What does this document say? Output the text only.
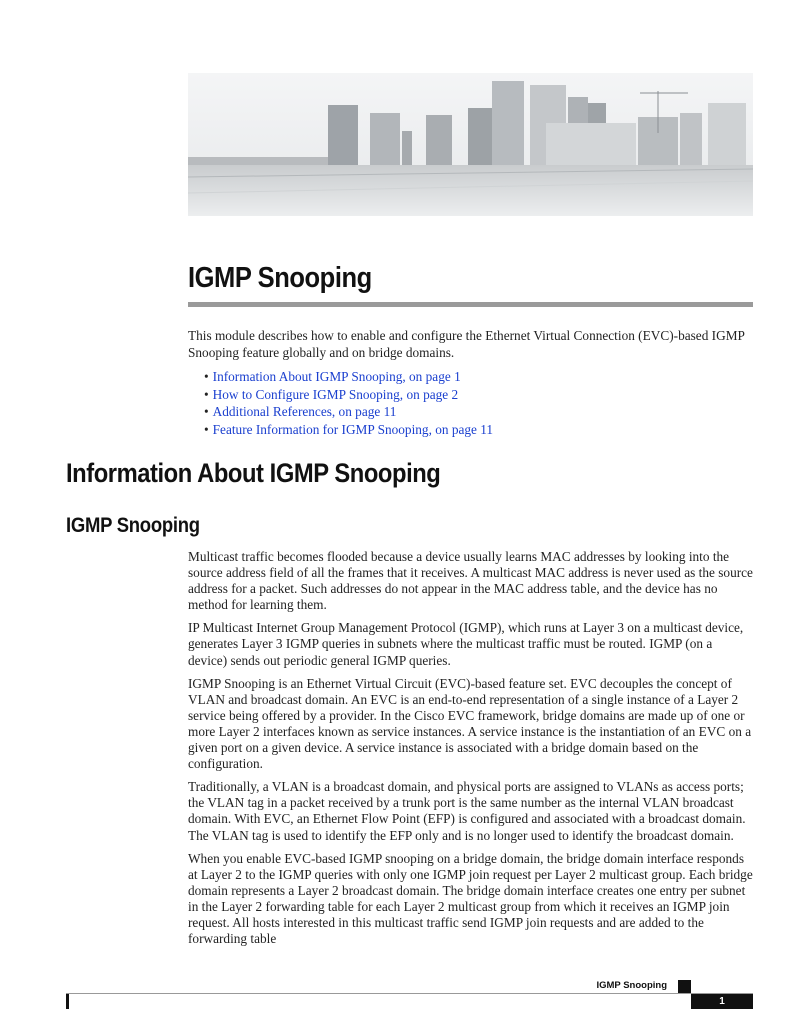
IGMP Snooping

This module describes how to enable and configure the Ethernet Virtual Connection (EVC)-based IGMP Snooping feature globally and on bridge domains.

• Information About IGMP Snooping, on page 1
• How to Configure IGMP Snooping, on page 2
• Additional References, on page 11
• Feature Information for IGMP Snooping, on page 11
Information About IGMP Snooping
IGMP Snooping

Multicast traffic becomes flooded because a device usually learns MAC addresses by looking into the source address field of all the frames that it receives. A multicast MAC address is never used as the source address for a packet. Such addresses do not appear in the MAC address table, and the device has no method for learning them.

IP Multicast Internet Group Management Protocol (IGMP), which runs at Layer 3 on a multicast device, generates Layer 3 IGMP queries in subnets where the multicast traffic must be routed. IGMP (on a device) sends out periodic general IGMP queries.

IGMP Snooping is an Ethernet Virtual Circuit (EVC)-based feature set. EVC decouples the concept of VLAN and broadcast domain. An EVC is an end-to-end representation of a single instance of a Layer 2 service being offered by a provider. In the Cisco EVC framework, bridge domains are made up of one or more Layer 2 interfaces known as service instances. A service instance is the instantiation of an EVC on a given port on a given device. A service instance is associated with a bridge domain based on the configuration.

Traditionally, a VLAN is a broadcast domain, and physical ports are assigned to VLANs as access ports; the VLAN tag in a packet received by a trunk port is the same number as the internal VLAN broadcast domain. With EVC, an Ethernet Flow Point (EFP) is configured and associated with a broadcast domain. The VLAN tag is used to identify the EFP only and is no longer used to identify the broadcast domain.

When you enable EVC-based IGMP snooping on a bridge domain, the bridge domain interface responds at Layer 2 to the IGMP queries with only one IGMP join request per Layer 2 multicast group. Each bridge domain represents a Layer 2 broadcast domain. The bridge domain interface creates one entry per subnet in the Layer 2 forwarding table for each Layer 2 multicast group from which it receives an IGMP join request. All hosts interested in this multicast traffic send IGMP join requests and are added to the forwarding table

IGMP Snooping

1
